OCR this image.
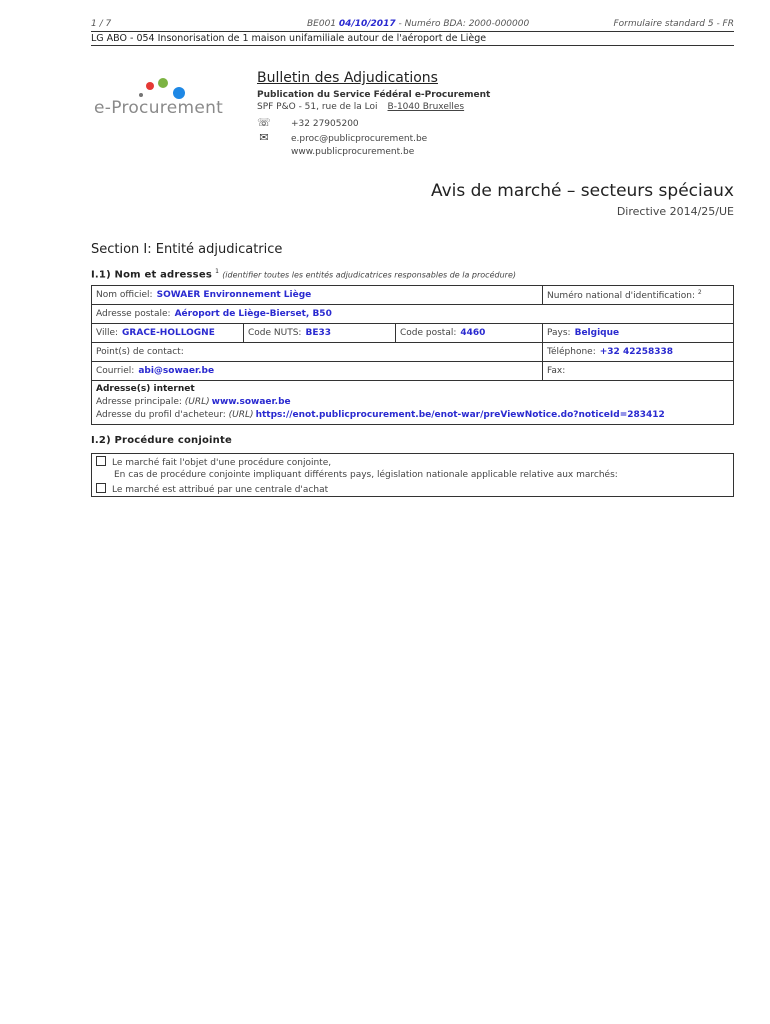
1 / 7	BE001 04/10/2017 - Numéro BDA: 2000-000000	Formulaire standard 5 - FR
LG ABO - 054 Insonorisation de 1 maison unifamiliale autour de l'aéroport de Liège
e-Procurement
Bulletin des Adjudications
Publication du Service Fédéral e-Procurement
SPF P&O - 51, rue de la Loi B-1040 Bruxelles
☏ +32 27905200
✉ e.proc@publicprocurement.be
www.publicprocurement.be
Avis de marché – secteurs spéciaux
Directive 2014/25/UE
Section I: Entité adjudicatrice
I.1) Nom et adresses $^1$ (identifier toutes les entités adjudicatrices responsables de la procédure)
Nom officiel: SOWAER Environnement Liège			Numéro national d'identification: $^2$
Adresse postale: Aéroport de Liège-Bierset, B50			
Ville: GRACE-HOLLOGNE	Code NUTS: BE33	Code postal: 4460	Pays: Belgique
Point(s) de contact:			Téléphone: +32 42258338
Courriel: abi@sowaer.be			Fax:

Adresse(s) internet
Adresse principale: (URL) www.sowaer.be
Adresse du profil d'acheteur: (URL) https://enot.publicprocurement.be/enot-war/preViewNotice.do?noticeId=283412			
I.2) Procédure conjointe
Le marché fait l'objet d'une procédure conjointe,
En cas de procédure conjointe impliquant différents pays, législation nationale applicable relative aux marchés:
Le marché est attribué par une centrale d'achat
